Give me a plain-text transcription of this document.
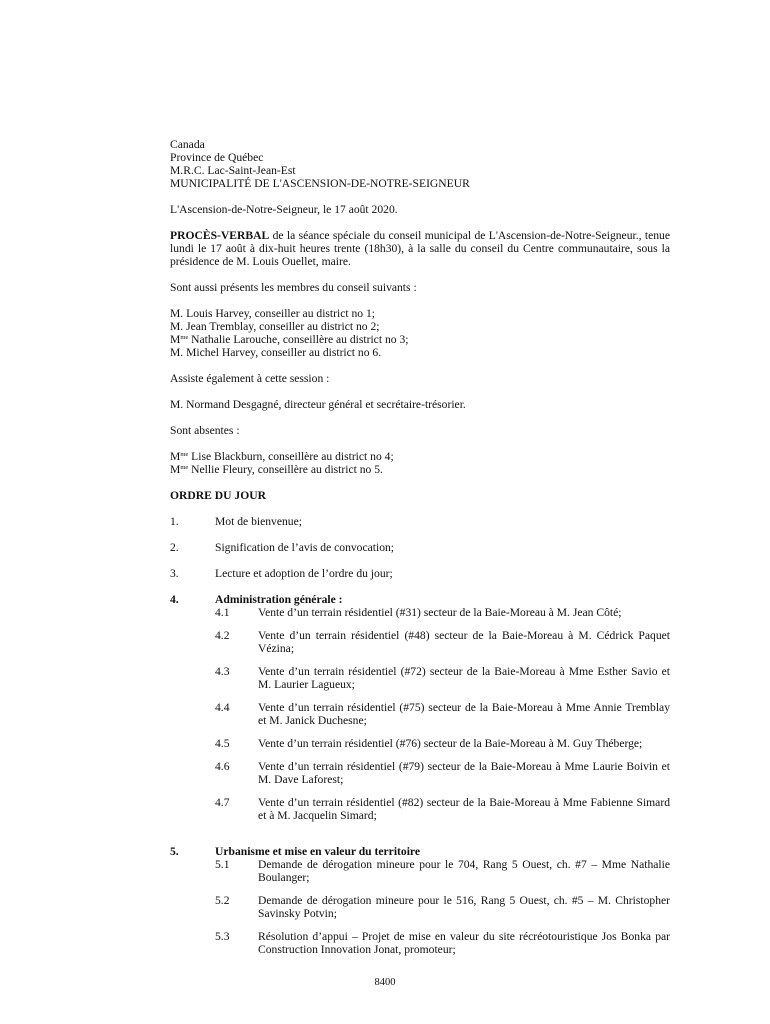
Canada
Province de Québec
M.R.C. Lac-Saint-Jean-Est
MUNICIPALITÉ DE L'ASCENSION-DE-NOTRE-SEIGNEUR
L'Ascension-de-Notre-Seigneur, le 17 août 2020.
PROCÈS-VERBAL de la séance spéciale du conseil municipal de L'Ascension-de-Notre-Seigneur., tenue lundi le 17 août à dix-huit heures trente (18h30), à la salle du conseil du Centre communautaire, sous la présidence de M. Louis Ouellet, maire.
Sont aussi présents les membres du conseil suivants :
M. Louis Harvey, conseiller au district no 1;
M. Jean Tremblay, conseiller au district no 2;
$M^{me}$ Nathalie Larouche, conseillère au district no 3;
M. Michel Harvey, conseiller au district no 6.
Assiste également à cette session :
M. Normand Desgagné, directeur général et secrétaire-trésorier.
Sont absentes :
$M^{me}$ Lise Blackburn, conseillère au district no 4;
$M^{me}$ Nellie Fleury, conseillère au district no 5.
ORDRE DU JOUR
1.	Mot de bienvenue;
2.	Signification de l’avis de convocation;
3.	Lecture et adoption de l’ordre du jour;
4.	Administration générale :
4.1	Vente d’un terrain résidentiel (#31) secteur de la Baie-Moreau à M. Jean Côté;
4.2	Vente d’un terrain résidentiel (#48) secteur de la Baie-Moreau à M. Cédrick Paquet Vézina;
4.3	Vente d’un terrain résidentiel (#72) secteur de la Baie-Moreau à Mme Esther Savio et M. Laurier Lagueux;
4.4	Vente d’un terrain résidentiel (#75) secteur de la Baie-Moreau à Mme Annie Tremblay et M. Janick Duchesne;
4.5	Vente d’un terrain résidentiel (#76) secteur de la Baie-Moreau à M. Guy Théberge;
4.6	Vente d’un terrain résidentiel (#79) secteur de la Baie-Moreau à Mme Laurie Boivin et M. Dave Laforest;
4.7	Vente d’un terrain résidentiel (#82) secteur de la Baie-Moreau à Mme Fabienne Simard et à M. Jacquelin Simard;
5.	Urbanisme et mise en valeur du territoire
5.1	Demande de dérogation mineure pour le 704, Rang 5 Ouest, ch. #7 – Mme Nathalie Boulanger;
5.2	Demande de dérogation mineure pour le 516, Rang 5 Ouest, ch. #5 – M. Christopher Savinsky Potvin;
5.3	Résolution d’appui – Projet de mise en valeur du site récréotouristique Jos Bonka par Construction Innovation Jonat, promoteur;
8400
